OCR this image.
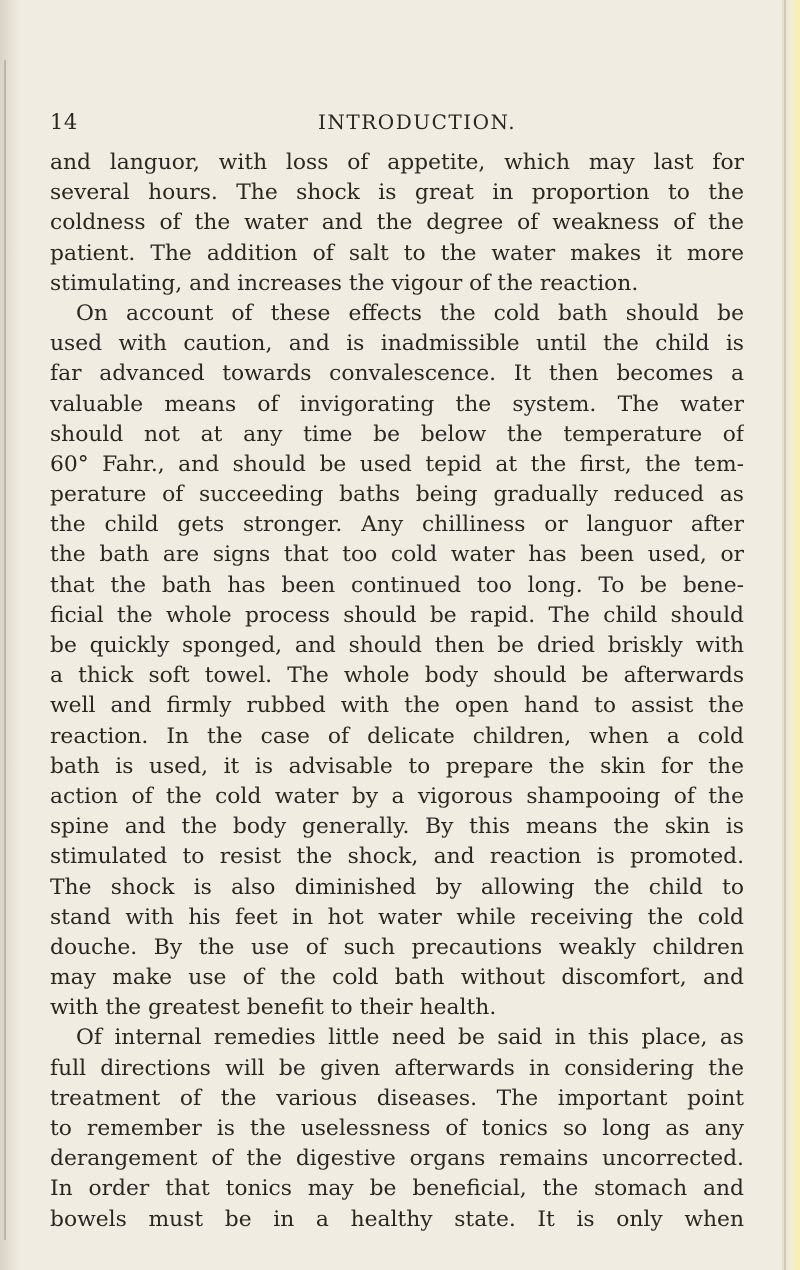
14	INTRODUCTION.
and languor, with loss of appetite, which may last for
several hours. The shock is great in proportion to the
coldness of the water and the degree of weakness of the
patient. The addition of salt to the water makes it more
stimulating, and increases the vigour of the reaction.
On account of these effects the cold bath should be
used with caution, and is inadmissible until the child is
far advanced towards convalescence. It then becomes a
valuable means of invigorating the system. The water
should not at any time be below the temperature of
60° Fahr., and should be used tepid at the first, the tem-
perature of succeeding baths being gradually reduced as
the child gets stronger. Any chilliness or languor after
the bath are signs that too cold water has been used, or
that the bath has been continued too long. To be bene-
ficial the whole process should be rapid. The child should
be quickly sponged, and should then be dried briskly with
a thick soft towel. The whole body should be afterwards
well and firmly rubbed with the open hand to assist the
reaction. In the case of delicate children, when a cold
bath is used, it is advisable to prepare the skin for the
action of the cold water by a vigorous shampooing of the
spine and the body generally. By this means the skin is
stimulated to resist the shock, and reaction is promoted.
The shock is also diminished by allowing the child to
stand with his feet in hot water while receiving the cold
douche. By the use of such precautions weakly children
may make use of the cold bath without discomfort, and
with the greatest benefit to their health.
Of internal remedies little need be said in this place, as
full directions will be given afterwards in considering the
treatment of the various diseases. The important point
to remember is the uselessness of tonics so long as any
derangement of the digestive organs remains uncorrected.
In order that tonics may be beneficial, the stomach and
bowels must be in a healthy state. It is only when
